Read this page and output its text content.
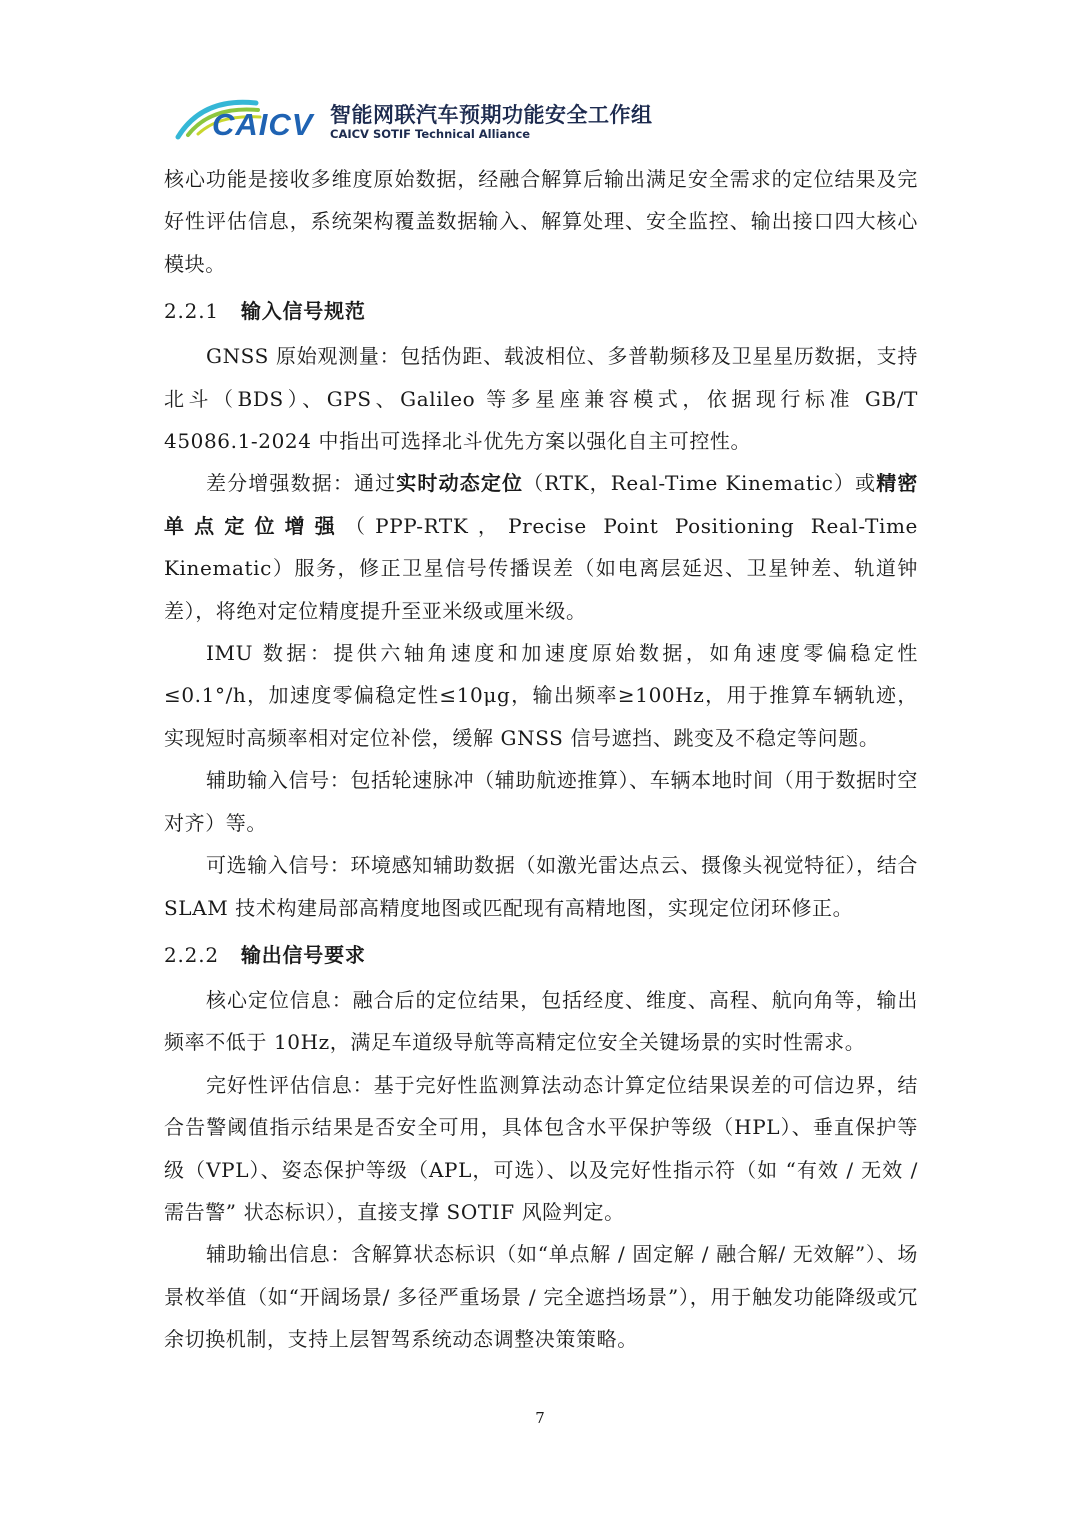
CAICV 智能网联汽车预期功能安全工作组
CAICV SOTIF Technical Alliance

核心功能是接收多维度原始数据，经融合解算后输出满足安全需求的定位结果及完好性评估信息，系统架构覆盖数据输入、解算处理、安全监控、输出接口四大核心模块。

2.2.1 输入信号规范

GNSS 原始观测量：包括伪距、载波相位、多普勒频移及卫星星历数据，支持北斗（BDS）、GPS、Galileo 等多星座兼容模式，依据现行标准 GB/T 45086.1-2024 中指出可选择北斗优先方案以强化自主可控性。

差分增强数据：通过实时动态定位（RTK，Real-Time Kinematic）或精密单点定位增强（PPP-RTK，Precise Point Positioning Real-Time Kinematic）服务，修正卫星信号传播误差（如电离层延迟、卫星钟差、轨道钟差），将绝对定位精度提升至亚米级或厘米级。

IMU 数据：提供六轴角速度和加速度原始数据，如角速度零偏稳定性≤0.1°/h，加速度零偏稳定性≤10μg，输出频率≥100Hz，用于推算车辆轨迹，实现短时高频率相对定位补偿，缓解 GNSS 信号遮挡、跳变及不稳定等问题。

辅助输入信号：包括轮速脉冲（辅助航迹推算）、车辆本地时间（用于数据时空对齐）等。

可选输入信号：环境感知辅助数据（如激光雷达点云、摄像头视觉特征），结合 SLAM 技术构建局部高精度地图或匹配现有高精地图，实现定位闭环修正。

2.2.2 输出信号要求

核心定位信息：融合后的定位结果，包括经度、维度、高程、航向角等，输出频率不低于 10Hz，满足车道级导航等高精定位安全关键场景的实时性需求。

完好性评估信息：基于完好性监测算法动态计算定位结果误差的可信边界，结合告警阈值指示结果是否安全可用，具体包含水平保护等级（HPL）、垂直保护等级（VPL）、姿态保护等级（APL，可选）、以及完好性指示符（如 “有效 / 无效 / 需告警” 状态标识），直接支撑 SOTIF 风险判定。

辅助输出信息：含解算状态标识（如“单点解 / 固定解 / 融合解/ 无效解”）、场景枚举值（如“开阔场景/ 多径严重场景 / 完全遮挡场景”），用于触发功能降级或冗余切换机制，支持上层智驾系统动态调整决策策略。

7
